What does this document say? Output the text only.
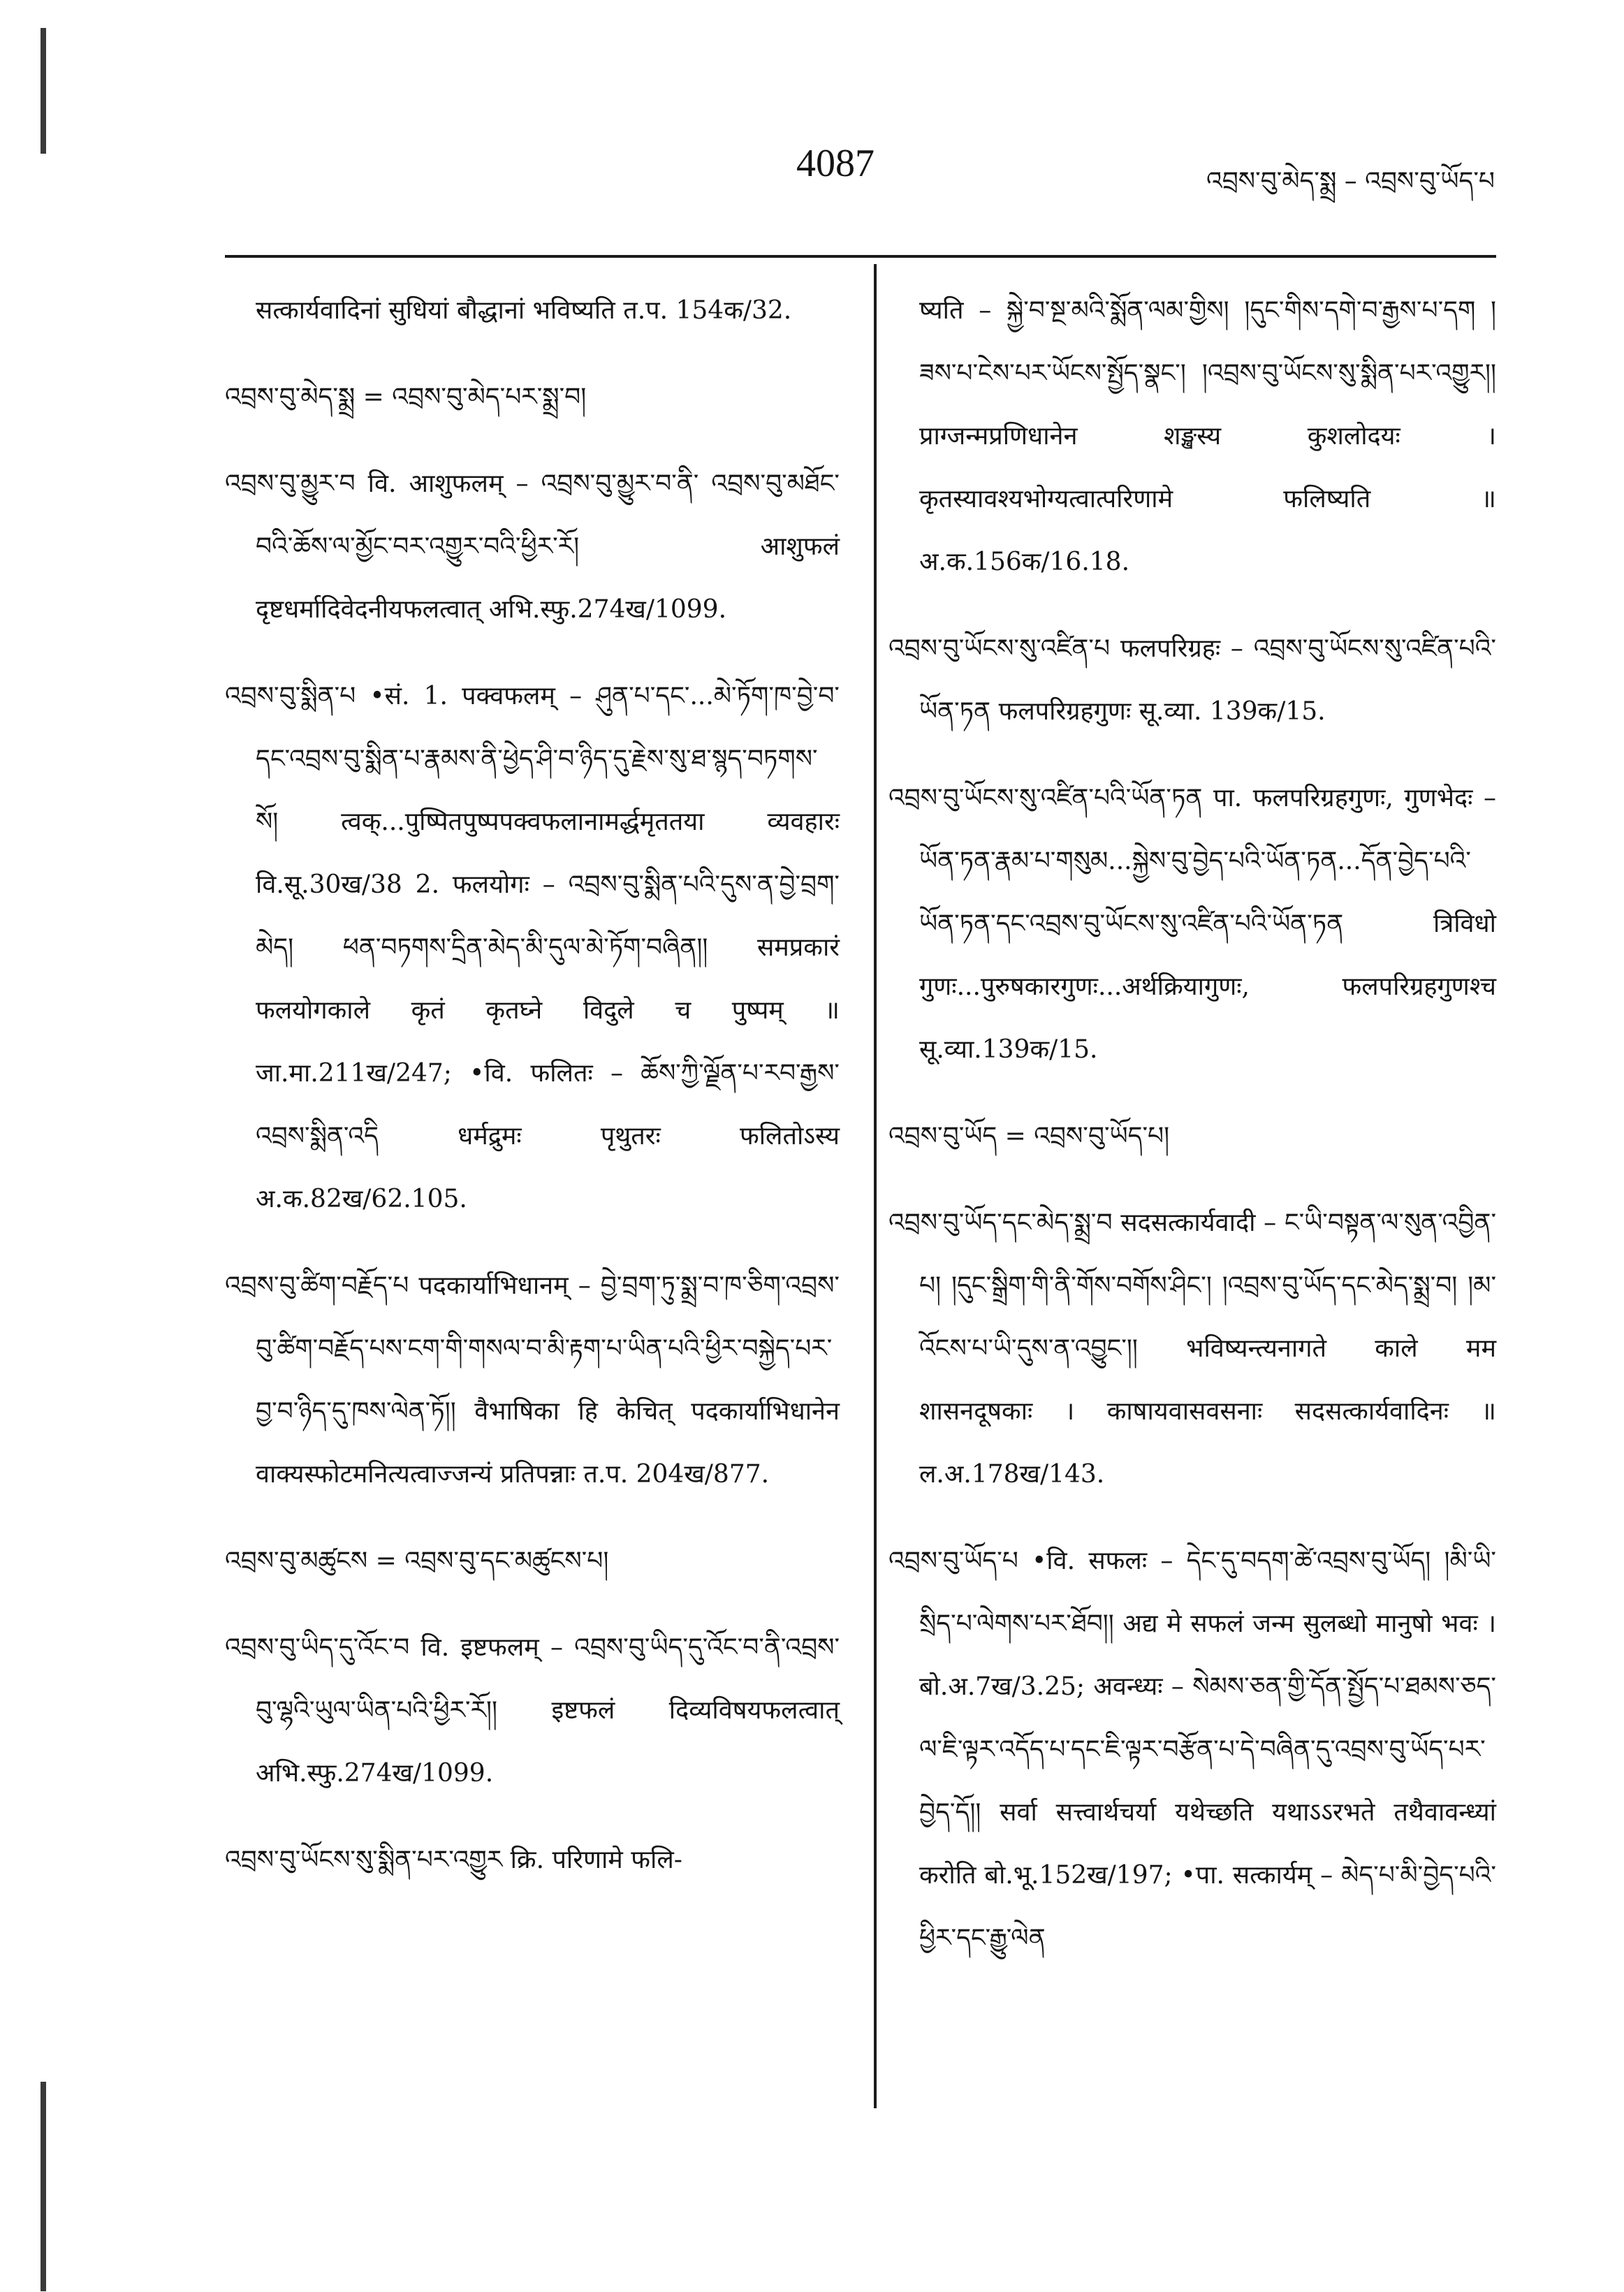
4087	འབྲས་བུ་མེད་སྨྲ – འབྲས་བུ་ཡོད་པ

सत्कार्यवादिनां सुधियां बौद्धानां भविष्यति त.प. 154क/32.

འབྲས་བུ་མེད་སྨྲ = འབྲས་བུ་མེད་པར་སྨྲ་བ།

འབྲས་བུ་མྱུར་བ वि. आशुफलम् – འབྲས་བུ་མྱུར་བ་ནི་ འབྲས་བུ་མཐོང་བའི་ཆོས་ལ་མྱོང་བར་འགྱུར་བའི་ཕྱིར་རོ། आशुफलं दृष्टधर्मादिवेदनीयफलत्वात् अभि.स्फु.274ख/1099.

འབྲས་བུ་སྨིན་པ •सं. 1. पक्वफलम् – ཤུན་པ་དང་...མེ་ཏོག་ཁ་བྱེ་བ་དང་འབྲས་བུ་སྨིན་པ་རྣམས་ནི་ཕྱེད་ཤི་བ་ཉིད་དུ་རྗེས་སུ་ཐ་སྙད་བཏགས་སོ། त्वक्...पुष्पितपुष्पपक्वफलानामर्द्धमृततया व्यवहारः वि.सू.30ख/38 2. फलयोगः – འབྲས་བུ་སྨིན་པའི་དུས་ན་བྱེ་བྲག་མེད། ཕན་བཏགས་དྲིན་མེད་མི་དུལ་མེ་ཏོག་བཞིན།། समप्रकारं फलयोगकाले कृतं कृतघ्ने विदुले च पुष्पम् ॥ जा.मा.211ख/247; •वि. फलितः – ཆོས་ཀྱི་ལྗོན་པ་རབ་རྒྱས་འབྲས་སྨིན་འདི धर्मद्रुमः पृथुतरः फलितोऽस्य अ.क.82ख/62.105.

འབྲས་བུ་ཚིག་བརྗོད་པ पदकार्याभिधानम् – བྱེ་བྲག་ཏུ་སྨྲ་བ་ཁ་ཅིག་འབྲས་བུ་ཚིག་བརྗོད་པས་ངག་གི་གསལ་བ་མི་རྟག་པ་ཡིན་པའི་ཕྱིར་བསྐྱེད་པར་བྱ་བ་ཉིད་དུ་ཁས་ལེན་ཏོ།། वैभाषिका हि केचित् पदकार्याभिधानेन वाक्यस्फोटमनित्यत्वाज्जन्यं प्रतिपन्नाः त.प. 204ख/877.

འབྲས་བུ་མཚུངས = འབྲས་བུ་དང་མཚུངས་པ།

འབྲས་བུ་ཡིད་དུ་འོང་བ वि. इष्टफलम् – འབྲས་བུ་ཡིད་དུ་འོང་བ་ནི་འབྲས་བུ་ལྷའི་ཡུལ་ཡིན་པའི་ཕྱིར་རོ།། इष्टफलं दिव्यविषयफलत्वात् अभि.स्फु.274ख/1099.

འབྲས་བུ་ཡོངས་སུ་སྨིན་པར་འགྱུར क्रि. परिणामे फलि-

ष्यति – སྐྱེ་བ་སྔ་མའི་སྨོན་ལམ་གྱིས། །དུང་གིས་དགེ་བ་རྒྱས་པ་དག །ཟས་པ་ངེས་པར་ཡོངས་སྤྱོད་སྣང་། །འབྲས་བུ་ཡོངས་སུ་སྨིན་པར་འགྱུར།། प्राग्जन्मप्रणिधानेन शङ्खस्य कुशलोदयः । कृतस्यावश्यभोग्यत्वात्परिणामे फलिष्यति ॥ अ.क.156क/16.18.

འབྲས་བུ་ཡོངས་སུ་འཛིན་པ फलपरिग्रहः – འབྲས་བུ་ཡོངས་སུ་འཛིན་པའི་ཡོན་ཏན फलपरिग्रहगुणः सू.व्या. 139क/15.

འབྲས་བུ་ཡོངས་སུ་འཛིན་པའི་ཡོན་ཏན पा. फलपरिग्रहगुणः, गुणभेदः – ཡོན་ཏན་རྣམ་པ་གསུམ...སྐྱེས་བུ་བྱེད་པའི་ཡོན་ཏན...དོན་བྱེད་པའི་ཡོན་ཏན་དང་འབྲས་བུ་ཡོངས་སུ་འཛིན་པའི་ཡོན་ཏན त्रिविधो गुणः...पुरुषकारगुणः...अर्थक्रियागुणः, फलपरिग्रहगुणश्च सू.व्या.139क/15.

འབྲས་བུ་ཡོད = འབྲས་བུ་ཡོད་པ།

འབྲས་བུ་ཡོད་དང་མེད་སྨྲ་བ सदसत्कार्यवादी – ང་ཡི་བསྟན་ལ་སུན་འབྱིན་པ། །དུང་སྒྲིག་གི་ནི་གོས་བགོས་ཤིང་། །འབྲས་བུ་ཡོད་དང་མེད་སྨྲ་བ། །མ་འོངས་པ་ཡི་དུས་ན་འབྱུང་།། भविष्यन्त्यनागते काले मम शासनदूषकाः । काषायवासवसनाः सदसत्कार्यवादिनः ॥ ल.अ.178ख/143.

འབྲས་བུ་ཡོད་པ •वि. सफलः – དེང་དུ་བདག་ཚེ་འབྲས་བུ་ཡོད། །མི་ཡི་སྲིད་པ་ལེགས་པར་ཐོབ།། अद्य मे सफलं जन्म सुलब्धो मानुषो भवः । बो.अ.7ख/3.25; अवन्ध्यः – སེམས་ཅན་གྱི་དོན་སྤྱོད་པ་ཐམས་ཅད་ལ་ཇི་ལྟར་འདོད་པ་དང་ཇི་ལྟར་བརྩོན་པ་དེ་བཞིན་དུ་འབྲས་བུ་ཡོད་པར་བྱེད་དོ།། सर्वा सत्त्वार्थचर्या यथेच्छति यथाऽऽरभते तथैवावन्ध्यां करोति बो.भू.152ख/197; •पा. सत्कार्यम् – མེད་པ་མི་བྱེད་པའི་ཕྱིར་དང་རྒྱུ་ལེན
